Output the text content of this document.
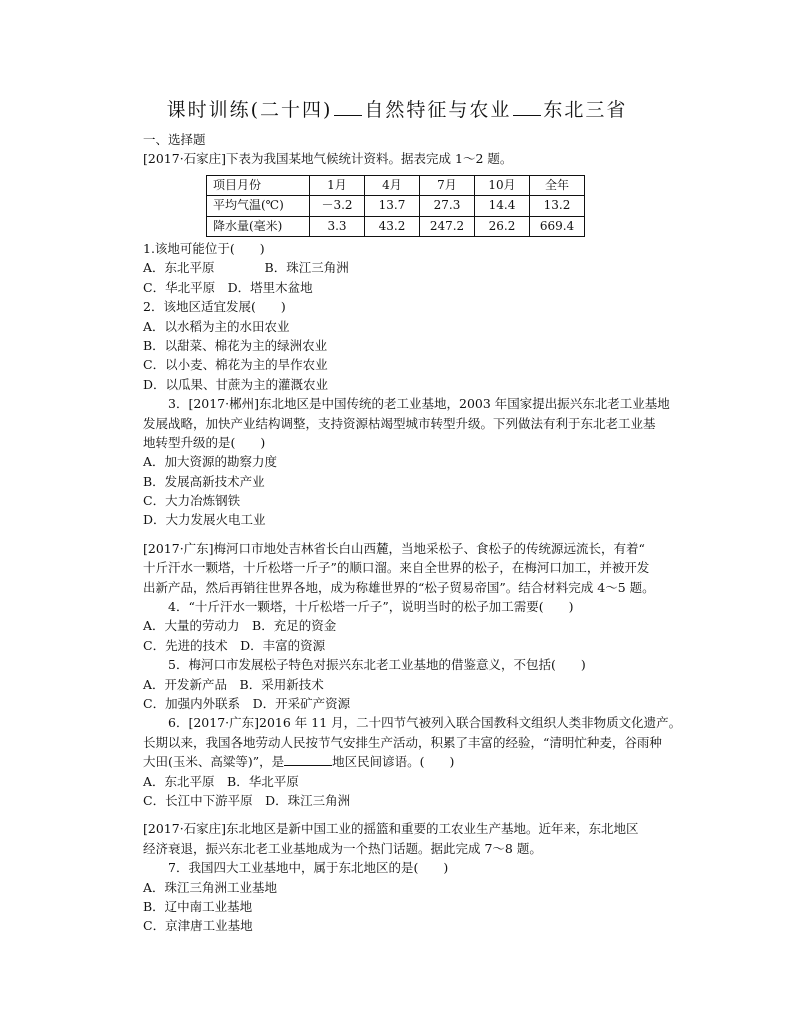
课时训练(二十四) 自然特征与农业 东北三省
一、选择题
[2017·石家庄]下表为我国某地气候统计资料。据表完成 1～2 题。
项目月份	1月	4月	7月	10月	全年
平均气温(℃)	－3.2	13.7	27.3	14.4	13.2
降水量(毫米)	3.3	43.2	247.2	26.2	669.4
1.该地可能位于(　　)
A．东北平原　　　　B．珠江三角洲
C．华北平原　D．塔里木盆地
2．该地区适宜发展(　　)
A．以水稻为主的水田农业
B．以甜菜、棉花为主的绿洲农业
C．以小麦、棉花为主的旱作农业
D．以瓜果、甘蔗为主的灌溉农业
3．[2017·郴州]东北地区是中国传统的老工业基地，2003 年国家提出振兴东北老工业基地
发展战略，加快产业结构调整，支持资源枯竭型城市转型升级。下列做法有利于东北老工业基
地转型升级的是(　　)
A．加大资源的勘察力度
B．发展高新技术产业
C．大力冶炼钢铁
D．大力发展火电工业
[2017·广东]梅河口市地处吉林省长白山西麓，当地采松子、食松子的传统源远流长，有着“
十斤汗水一颗塔，十斤松塔一斤子”的顺口溜。来自全世界的松子，在梅河口加工，并被开发
出新产品，然后再销往世界各地，成为称雄世界的“松子贸易帝国”。结合材料完成 4～5 题。
4．“十斤汗水一颗塔，十斤松塔一斤子”，说明当时的松子加工需要(　　)
A．大量的劳动力　B．充足的资金
C．先进的技术　D．丰富的资源
5．梅河口市发展松子特色对振兴东北老工业基地的借鉴意义，不包括(　　)
A．开发新产品　B．采用新技术
C．加强内外联系　D．开采矿产资源
6．[2017·广东]2016 年 11 月，二十四节气被列入联合国教科文组织人类非物质文化遗产。
长期以来，我国各地劳动人民按节气安排生产活动，积累了丰富的经验，“清明忙种麦，谷雨种
大田(玉米、高粱等)”，是	地区民间谚语。(　　)
A．东北平原　B．华北平原
C．长江中下游平原　D．珠江三角洲
[2017·石家庄]东北地区是新中国工业的摇篮和重要的工农业生产基地。近年来，东北地区
经济衰退，振兴东北老工业基地成为一个热门话题。据此完成 7～8 题。
7．我国四大工业基地中，属于东北地区的是(　　)
A．珠江三角洲工业基地
B．辽中南工业基地
C．京津唐工业基地
